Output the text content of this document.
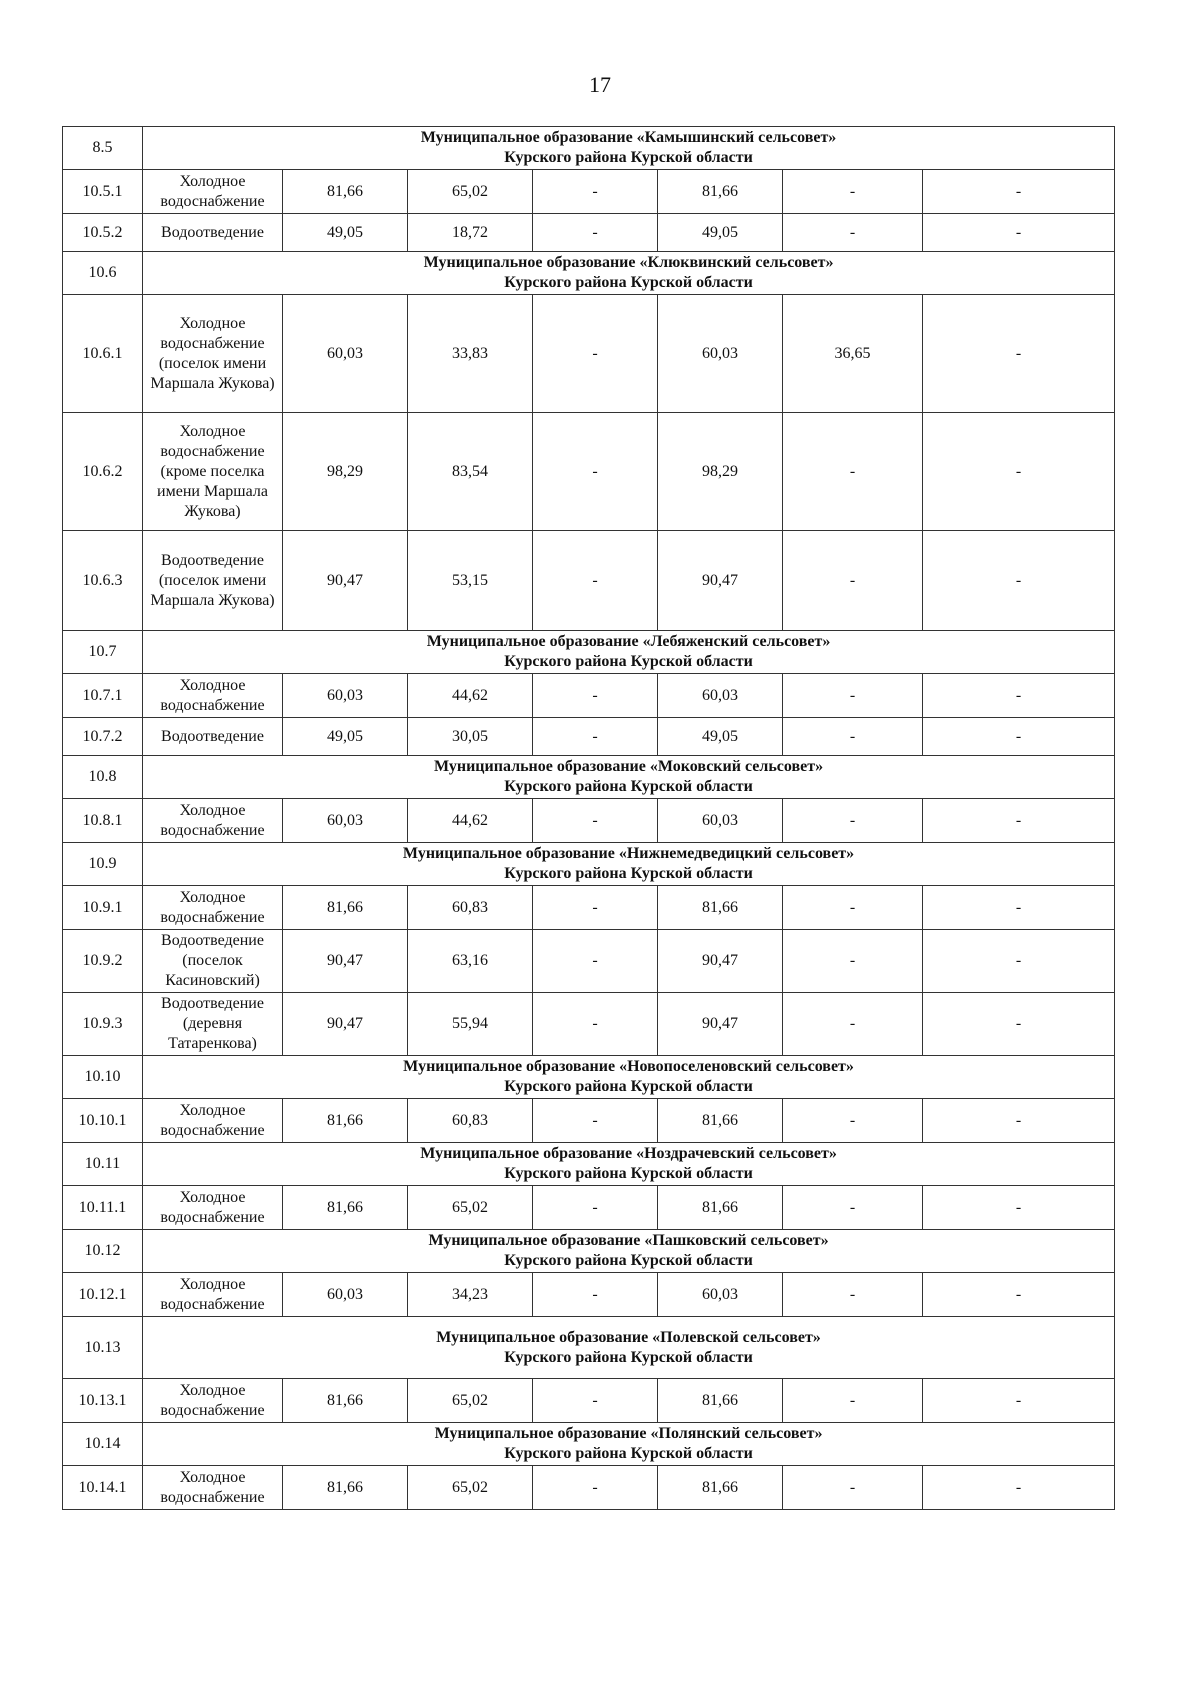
17
8.5	Муниципальное образование «Камышинский сельсовет»
Курского района Курской области						

10.5.1	Холодное водоснабжение	81,66	65,02	-	81,66	-	-
10.5.2	Водоотведение	49,05	18,72	-	49,05	-	-
10.6	Муниципальное образование «Клюквинский сельсовет»
Курского района Курской области						

10.6.1	Холодное водоснабжение (поселок имени Маршала Жукова)	60,03	33,83	-	60,03	36,65	-
10.6.2	Холодное водоснабжение (кроме поселка имени Маршала Жукова)	98,29	83,54	-	98,29	-	-
10.6.3	Водоотведение (поселок имени Маршала Жукова)	90,47	53,15	-	90,47	-	-
10.7	Муниципальное образование «Лебяженский сельсовет»
Курского района Курской области						

10.7.1	Холодное водоснабжение	60,03	44,62	-	60,03	-	-
10.7.2	Водоотведение	49,05	30,05	-	49,05	-	-
10.8	Муниципальное образование «Моковский сельсовет»
Курского района Курской области						

10.8.1	Холодное водоснабжение	60,03	44,62	-	60,03	-	-
10.9	Муниципальное образование «Нижнемедведицкий сельсовет»
Курского района Курской области						

10.9.1	Холодное водоснабжение	81,66	60,83	-	81,66	-	-
10.9.2	Водоотведение (поселок Касиновский)	90,47	63,16	-	90,47	-	-
10.9.3	Водоотведение (деревня Татаренкова)	90,47	55,94	-	90,47	-	-
10.10	Муниципальное образование «Новопоселеновский сельсовет»
Курского района Курской области						

10.10.1	Холодное водоснабжение	81,66	60,83	-	81,66	-	-
10.11	Муниципальное образование «Ноздрачевский сельсовет»
Курского района Курской области						

10.11.1	Холодное водоснабжение	81,66	65,02	-	81,66	-	-
10.12	Муниципальное образование «Пашковский сельсовет»
Курского района Курской области						

10.12.1	Холодное водоснабжение	60,03	34,23	-	60,03	-	-
10.13	Муниципальное образование «Полевской сельсовет»
Курского района Курской области						

10.13.1	Холодное водоснабжение	81,66	65,02	-	81,66	-	-
10.14	Муниципальное образование «Полянский сельсовет»
Курского района Курской области						

10.14.1	Холодное водоснабжение	81,66	65,02	-	81,66	-	-
